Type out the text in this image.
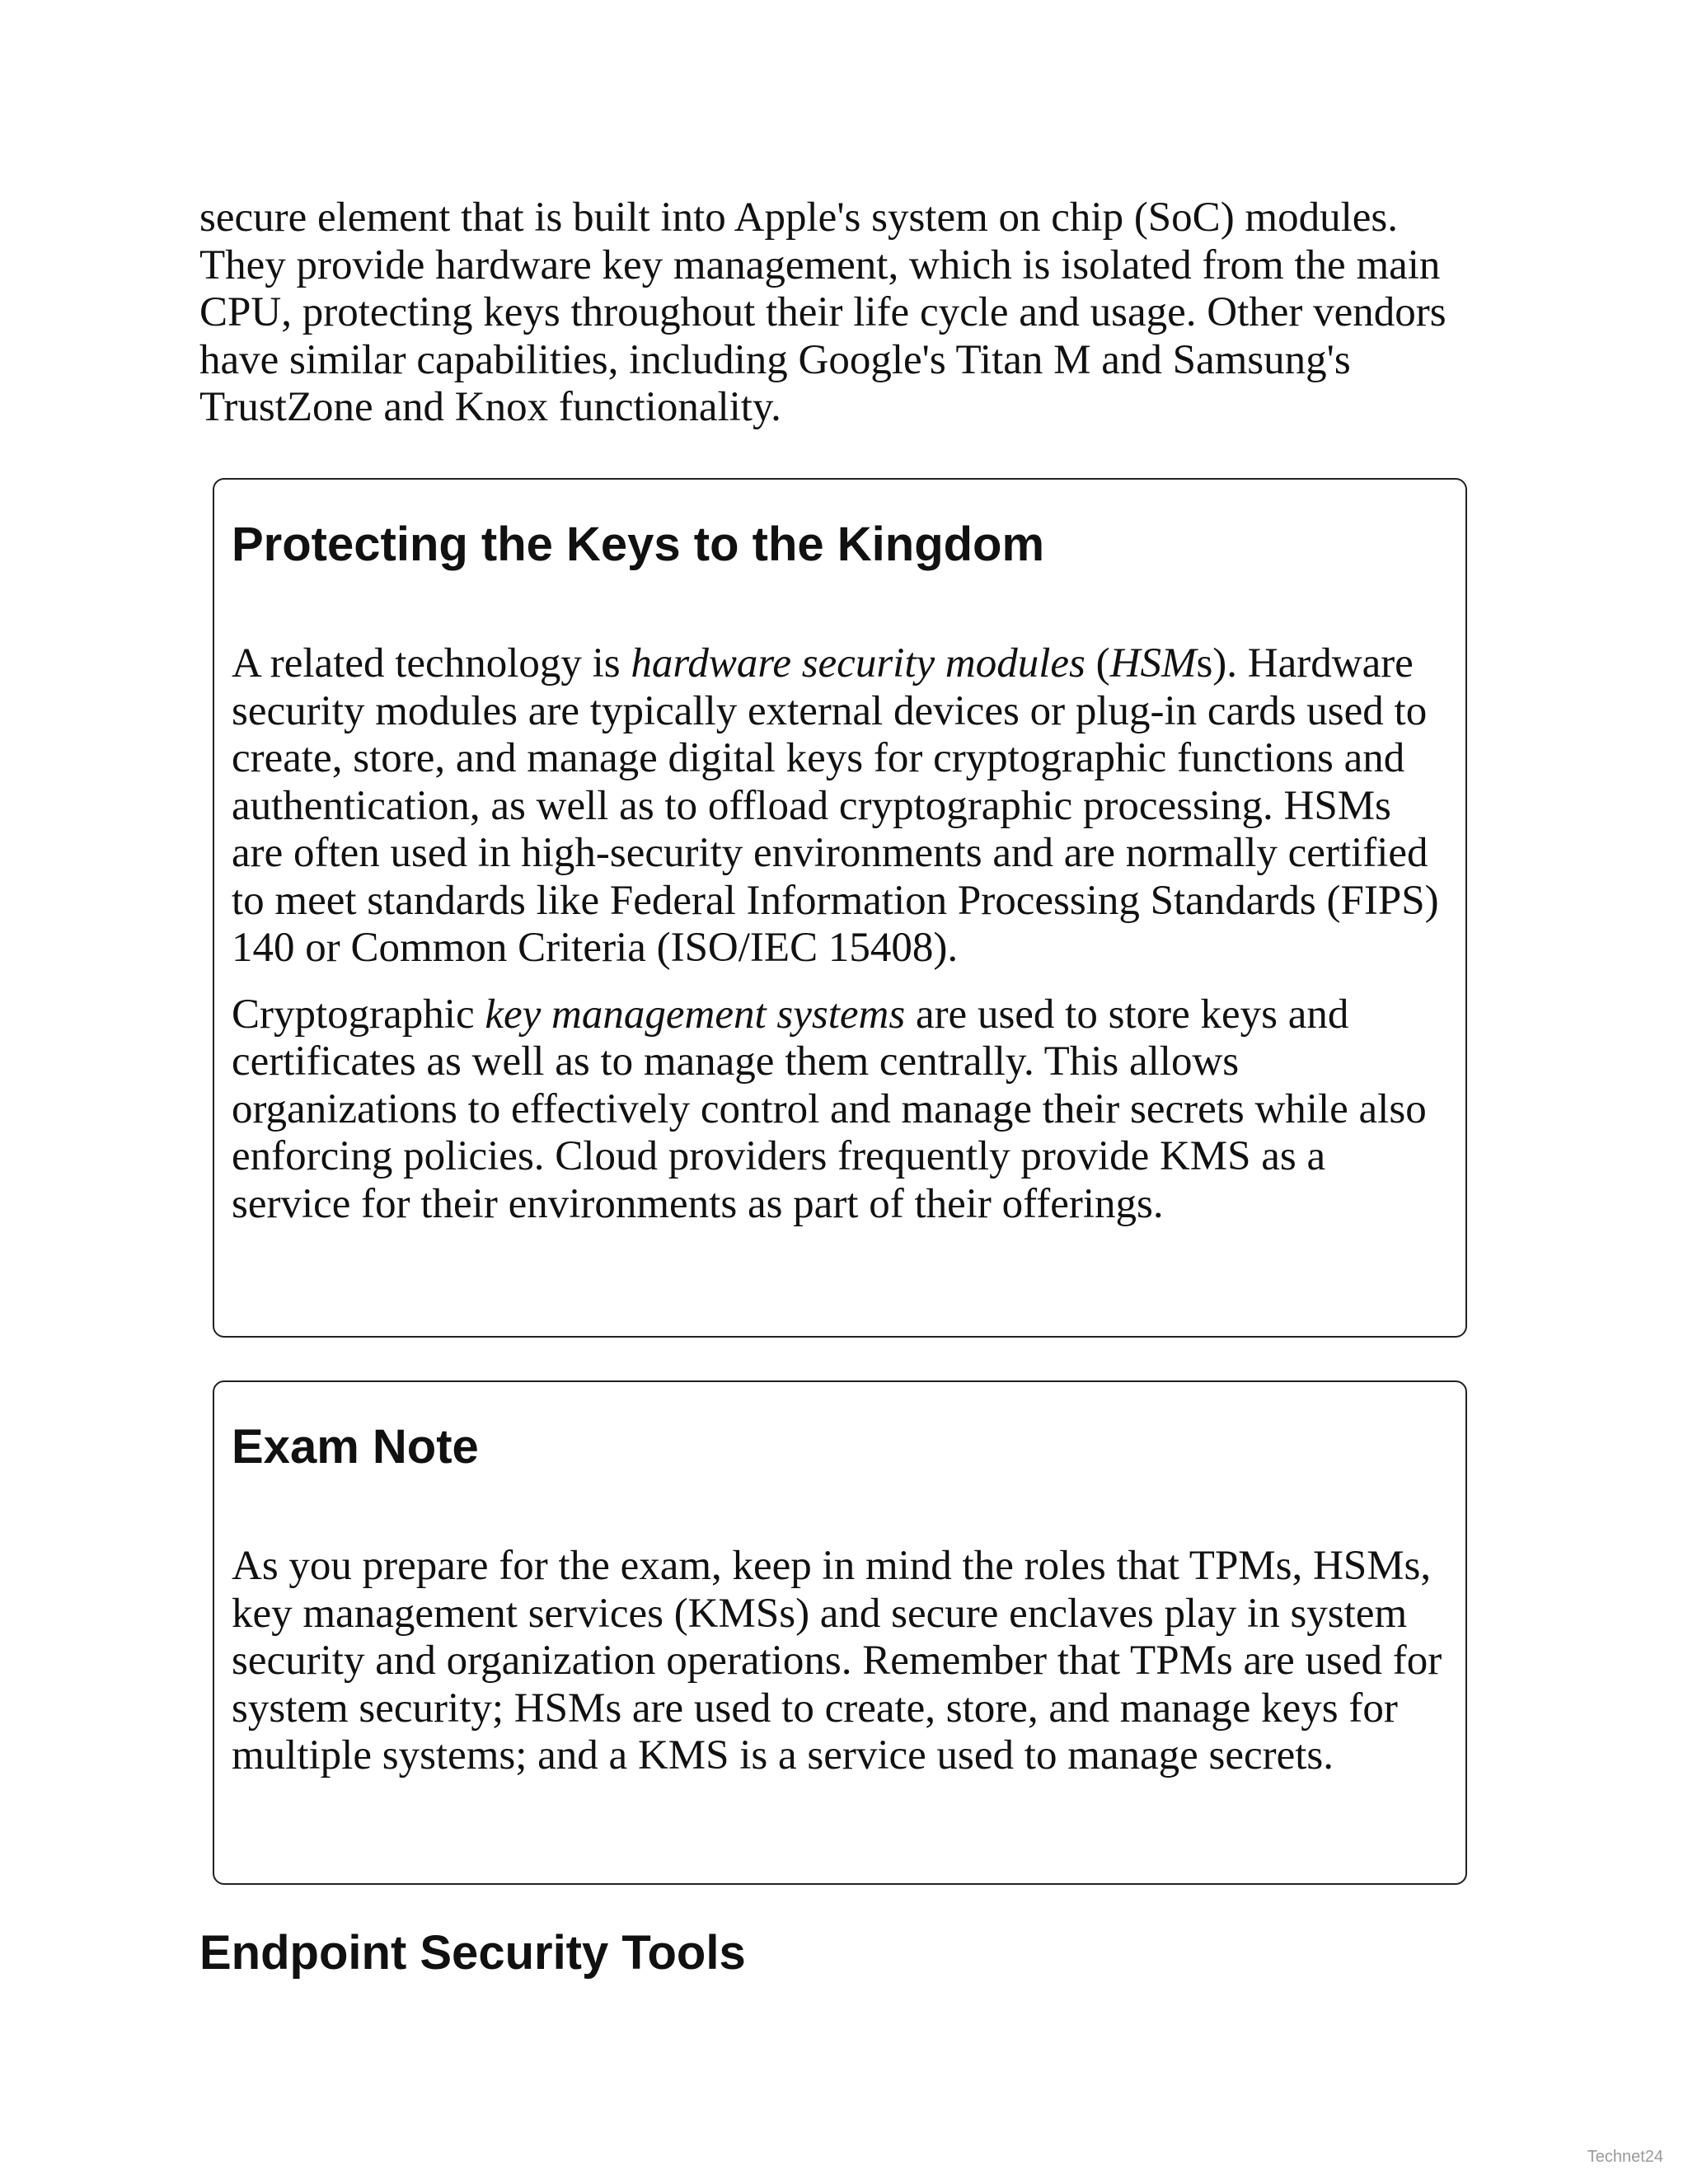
secure element that is built into Apple's system on chip (SoC) modules. They provide hardware key management, which is isolated from the main CPU, protecting keys throughout their life cycle and usage. Other vendors have similar capabilities, including Google's Titan M and Samsung's TrustZone and Knox functionality.

Protecting the Keys to the Kingdom

A related technology is hardware security modules (HSMs). Hardware security modules are typically external devices or plug-in cards used to create, store, and manage digital keys for cryptographic functions and authentication, as well as to offload cryptographic processing. HSMs are often used in high-security environments and are normally certified to meet standards like Federal Information Processing Standards (FIPS) 140 or Common Criteria (ISO/IEC 15408).

Cryptographic key management systems are used to store keys and certificates as well as to manage them centrally. This allows organizations to effectively control and manage their secrets while also enforcing policies. Cloud providers frequently provide KMS as a service for their environments as part of their offerings.

Exam Note

As you prepare for the exam, keep in mind the roles that TPMs, HSMs, key management services (KMSs) and secure enclaves play in system security and organization operations. Remember that TPMs are used for system security; HSMs are used to create, store, and manage keys for multiple systems; and a KMS is a service used to manage secrets.

Endpoint Security Tools
Technet24
